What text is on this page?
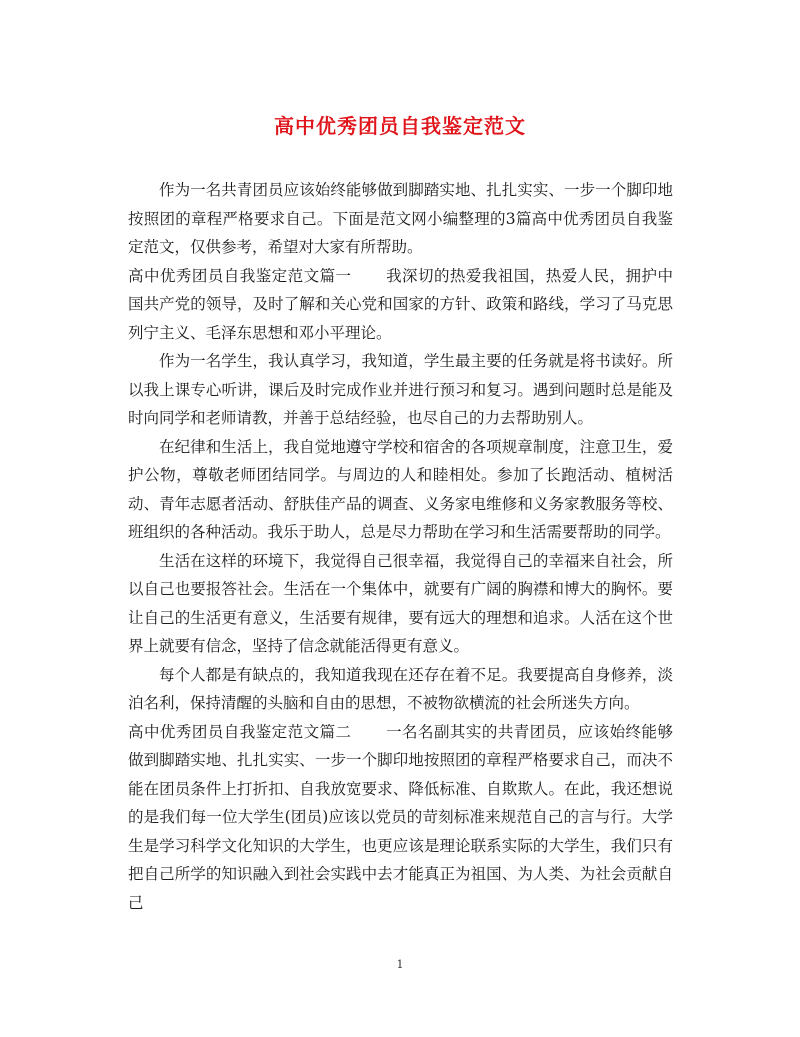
高中优秀团员自我鉴定范文

作为一名共青团员应该始终能够做到脚踏实地、扎扎实实、一步一个脚印地按照团的章程严格要求自己。下面是范文网小编整理的3篇高中优秀团员自我鉴定范文，仅供参考，希望对大家有所帮助。

高中优秀团员自我鉴定范文篇一 我深切的热爱我祖国，热爱人民，拥护中国共产党的领导，及时了解和关心党和国家的方针、政策和路线，学习了马克思列宁主义、毛泽东思想和邓小平理论。

作为一名学生，我认真学习，我知道，学生最主要的任务就是将书读好。所以我上课专心听讲，课后及时完成作业并进行预习和复习。遇到问题时总是能及时向同学和老师请教，并善于总结经验，也尽自己的力去帮助别人。

在纪律和生活上，我自觉地遵守学校和宿舍的各项规章制度，注意卫生，爱护公物，尊敬老师团结同学。与周边的人和睦相处。参加了长跑活动、植树活动、青年志愿者活动、舒肤佳产品的调查、义务家电维修和义务家教服务等校、班组织的各种活动。我乐于助人，总是尽力帮助在学习和生活需要帮助的同学。

生活在这样的环境下，我觉得自己很幸福，我觉得自己的幸福来自社会，所以自己也要报答社会。生活在一个集体中，就要有广阔的胸襟和博大的胸怀。要让自己的生活更有意义，生活要有规律，要有远大的理想和追求。人活在这个世界上就要有信念，坚持了信念就能活得更有意义。

每个人都是有缺点的，我知道我现在还存在着不足。我要提高自身修养，淡泊名利，保持清醒的头脑和自由的思想，不被物欲横流的社会所迷失方向。

高中优秀团员自我鉴定范文篇二 一名名副其实的共青团员，应该始终能够做到脚踏实地、扎扎实实、一步一个脚印地按照团的章程严格要求自己，而决不能在团员条件上打折扣、自我放宽要求、降低标准、自欺欺人。在此，我还想说的是我们每一位大学生(团员)应该以党员的苛刻标准来规范自己的言与行。大学生是学习科学文化知识的大学生，也更应该是理论联系实际的大学生，我们只有把自己所学的知识融入到社会实践中去才能真正为祖国、为人类、为社会贡献自己

1
